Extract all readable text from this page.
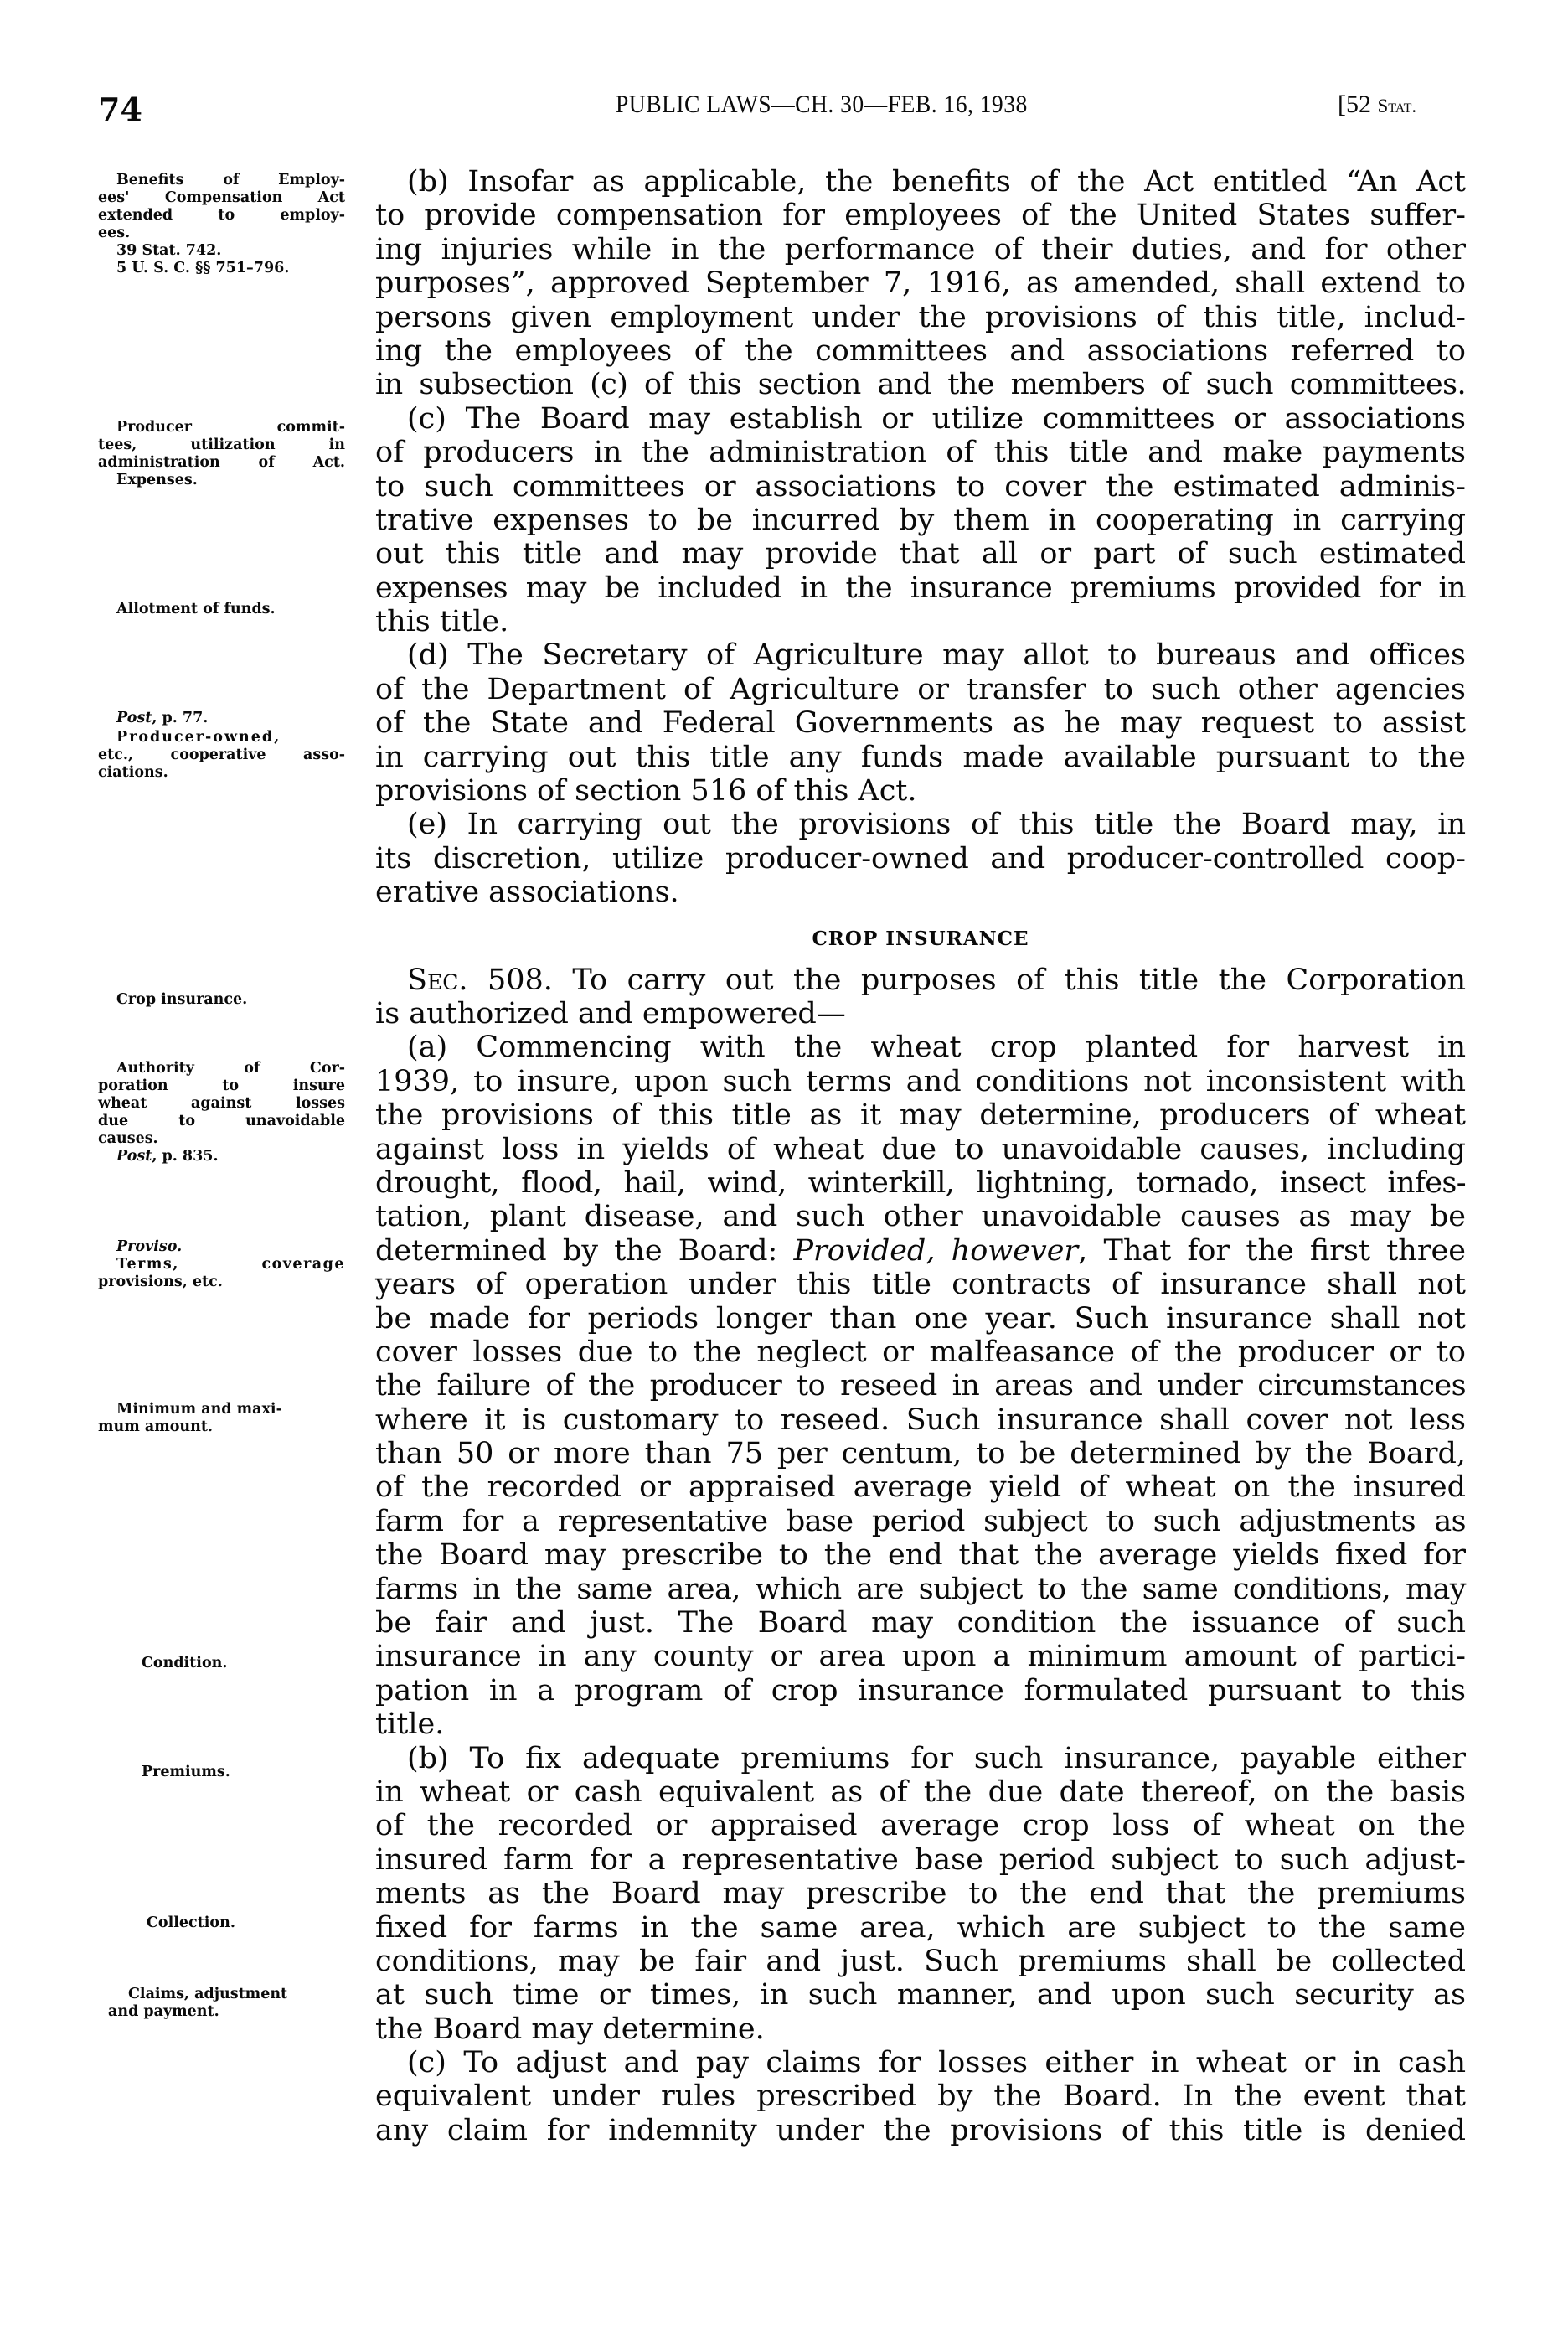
74	PUBLIC LAWS—CH. 30—FEB. 16, 1938	[52 Stat.
Benefits of Employ-
ees' Compensation Act
extended to employ-
ees.
39 Stat. 742.
5 U. S. C. §§ 751–796.
Producer commit-
tees, utilization in
administration of Act.
Expenses.
Allotment of funds.
Post, p. 77.
Producer-owned,
etc., cooperative asso-
ciations.
Crop insurance.
Authority of Cor-
poration to insure
wheat against losses
due to unavoidable
causes.
Post, p. 835.
Proviso.
Terms, coverage
provisions, etc.
Minimum and maxi-
mum amount.
Condition.
Premiums.
Collection.
Claims, adjustment
and payment.
(b) Insofar as applicable, the benefits of the Act entitled “An Act
to provide compensation for employees of the United States suffer-
ing injuries while in the performance of their duties, and for other
purposes”, approved September 7, 1916, as amended, shall extend to
persons given employment under the provisions of this title, includ-
ing the employees of the committees and associations referred to
in subsection (c) of this section and the members of such committees.
(c) The Board may establish or utilize committees or associations
of producers in the administration of this title and make payments
to such committees or associations to cover the estimated adminis-
trative expenses to be incurred by them in cooperating in carrying
out this title and may provide that all or part of such estimated
expenses may be included in the insurance premiums provided for in
this title.
(d) The Secretary of Agriculture may allot to bureaus and offices
of the Department of Agriculture or transfer to such other agencies
of the State and Federal Governments as he may request to assist
in carrying out this title any funds made available pursuant to the
provisions of section 516 of this Act.
(e) In carrying out the provisions of this title the Board may, in
its discretion, utilize producer-owned and producer-controlled coop-
erative associations.
CROP INSURANCE
Sec. 508. To carry out the purposes of this title the Corporation
is authorized and empowered—
(a) Commencing with the wheat crop planted for harvest in
1939, to insure, upon such terms and conditions not inconsistent with
the provisions of this title as it may determine, producers of wheat
against loss in yields of wheat due to unavoidable causes, including
drought, flood, hail, wind, winterkill, lightning, tornado, insect infes-
tation, plant disease, and such other unavoidable causes as may be
determined by the Board: Provided, however, That for the first three
years of operation under this title contracts of insurance shall not
be made for periods longer than one year. Such insurance shall not
cover losses due to the neglect or malfeasance of the producer or to
the failure of the producer to reseed in areas and under circumstances
where it is customary to reseed. Such insurance shall cover not less
than 50 or more than 75 per centum, to be determined by the Board,
of the recorded or appraised average yield of wheat on the insured
farm for a representative base period subject to such adjustments as
the Board may prescribe to the end that the average yields fixed for
farms in the same area, which are subject to the same conditions, may
be fair and just. The Board may condition the issuance of such
insurance in any county or area upon a minimum amount of partici-
pation in a program of crop insurance formulated pursuant to this
title.
(b) To fix adequate premiums for such insurance, payable either
in wheat or cash equivalent as of the due date thereof, on the basis
of the recorded or appraised average crop loss of wheat on the
insured farm for a representative base period subject to such adjust-
ments as the Board may prescribe to the end that the premiums
fixed for farms in the same area, which are subject to the same
conditions, may be fair and just. Such premiums shall be collected
at such time or times, in such manner, and upon such security as
the Board may determine.
(c) To adjust and pay claims for losses either in wheat or in cash
equivalent under rules prescribed by the Board. In the event that
any claim for indemnity under the provisions of this title is denied
